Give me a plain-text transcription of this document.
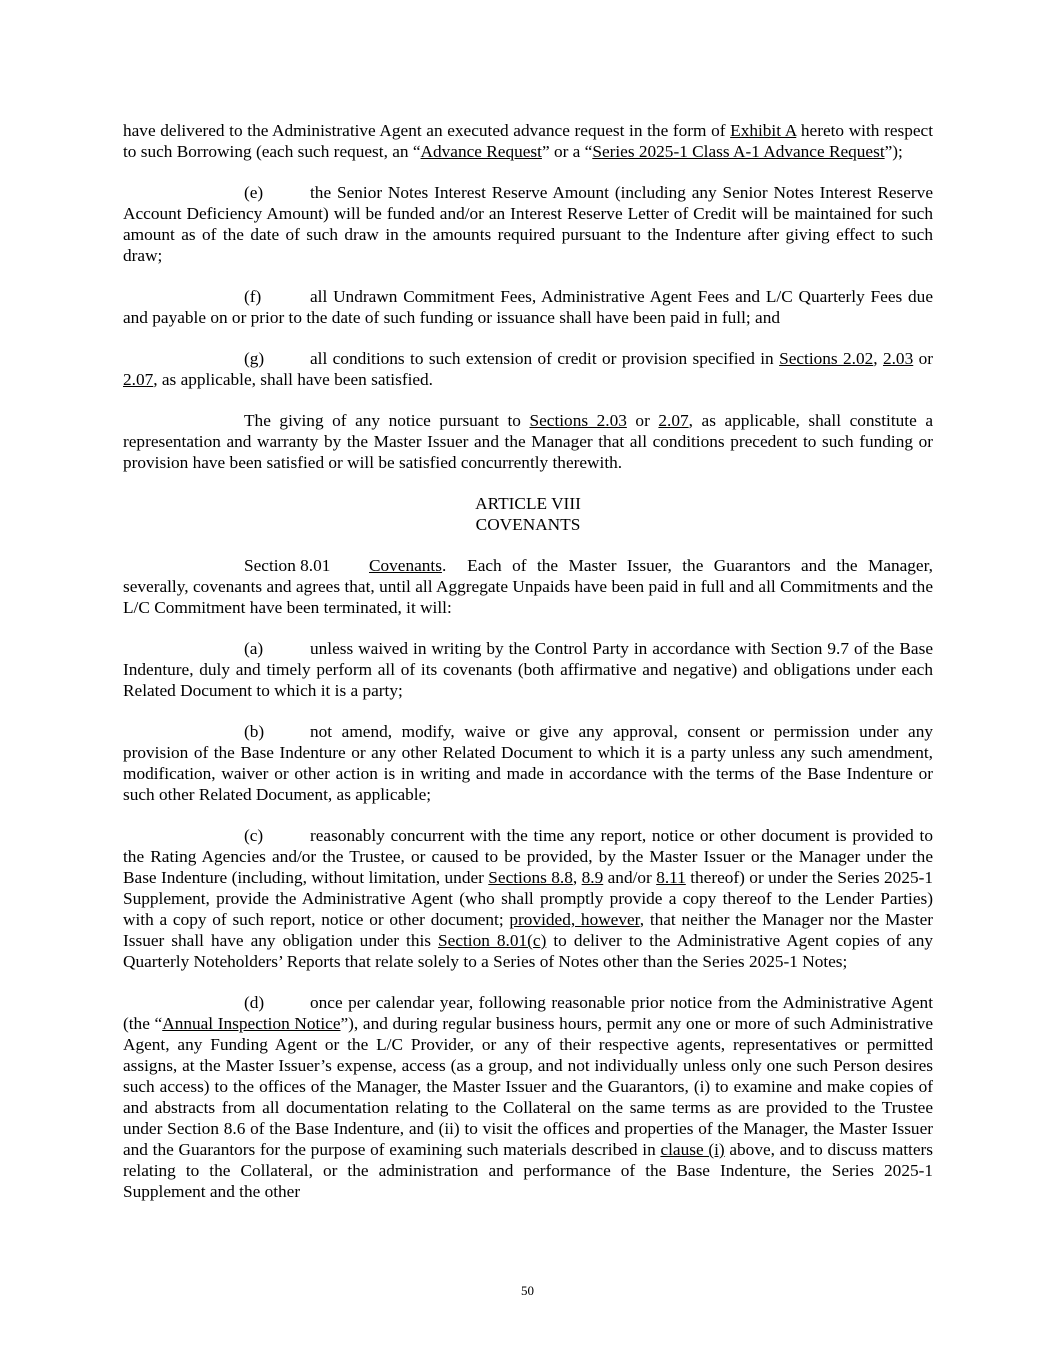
have delivered to the Administrative Agent an executed advance request in the form of Exhibit A hereto with respect to such Borrowing (each such request, an “Advance Request” or a “Series 2025-1 Class A-1 Advance Request”);

(e)	the Senior Notes Interest Reserve Amount (including any Senior Notes Interest Reserve Account Deficiency Amount) will be funded and/or an Interest Reserve Letter of Credit will be maintained for such amount as of the date of such draw in the amounts required pursuant to the Indenture after giving effect to such draw;

(f)	all Undrawn Commitment Fees, Administrative Agent Fees and L/C Quarterly Fees due and payable on or prior to the date of such funding or issuance shall have been paid in full; and

(g)	all conditions to such extension of credit or provision specified in Sections 2.02, 2.03 or 2.07, as applicable, shall have been satisfied.

The giving of any notice pursuant to Sections 2.03 or 2.07, as applicable, shall constitute a representation and warranty by the Master Issuer and the Manager that all conditions precedent to such funding or provision have been satisfied or will be satisfied concurrently therewith.

ARTICLE VIII
COVENANTS

Section 8.01 Covenants.  Each of the Master Issuer, the Guarantors and the Manager, severally, covenants and agrees that, until all Aggregate Unpaids have been paid in full and all Commitments and the L/C Commitment have been terminated, it will:

(a)	unless waived in writing by the Control Party in accordance with Section 9.7 of the Base Indenture, duly and timely perform all of its covenants (both affirmative and negative) and obligations under each Related Document to which it is a party;

(b)	not amend, modify, waive or give any approval, consent or permission under any provision of the Base Indenture or any other Related Document to which it is a party unless any such amendment, modification, waiver or other action is in writing and made in accordance with the terms of the Base Indenture or such other Related Document, as applicable;

(c)	reasonably concurrent with the time any report, notice or other document is provided to the Rating Agencies and/or the Trustee, or caused to be provided, by the Master Issuer or the Manager under the Base Indenture (including, without limitation, under Sections 8.8, 8.9 and/or 8.11 thereof) or under the Series 2025-1 Supplement, provide the Administrative Agent (who shall promptly provide a copy thereof to the Lender Parties) with a copy of such report, notice or other document; provided, however, that neither the Manager nor the Master Issuer shall have any obligation under this Section 8.01(c) to deliver to the Administrative Agent copies of any Quarterly Noteholders’ Reports that relate solely to a Series of Notes other than the Series 2025-1 Notes;

(d)	once per calendar year, following reasonable prior notice from the Administrative Agent (the “Annual Inspection Notice”), and during regular business hours, permit any one or more of such Administrative Agent, any Funding Agent or the L/C Provider, or any of their respective agents, representatives or permitted assigns, at the Master Issuer’s expense, access (as a group, and not individually unless only one such Person desires such access) to the offices of the Manager, the Master Issuer and the Guarantors, (i) to examine and make copies of and abstracts from all documentation relating to the Collateral on the same terms as are provided to the Trustee under Section 8.6 of the Base Indenture, and (ii) to visit the offices and properties of the Manager, the Master Issuer and the Guarantors for the purpose of examining such materials described in clause (i) above, and to discuss matters relating to the Collateral, or the administration and performance of the Base Indenture, the Series 2025-1 Supplement and the other

50
